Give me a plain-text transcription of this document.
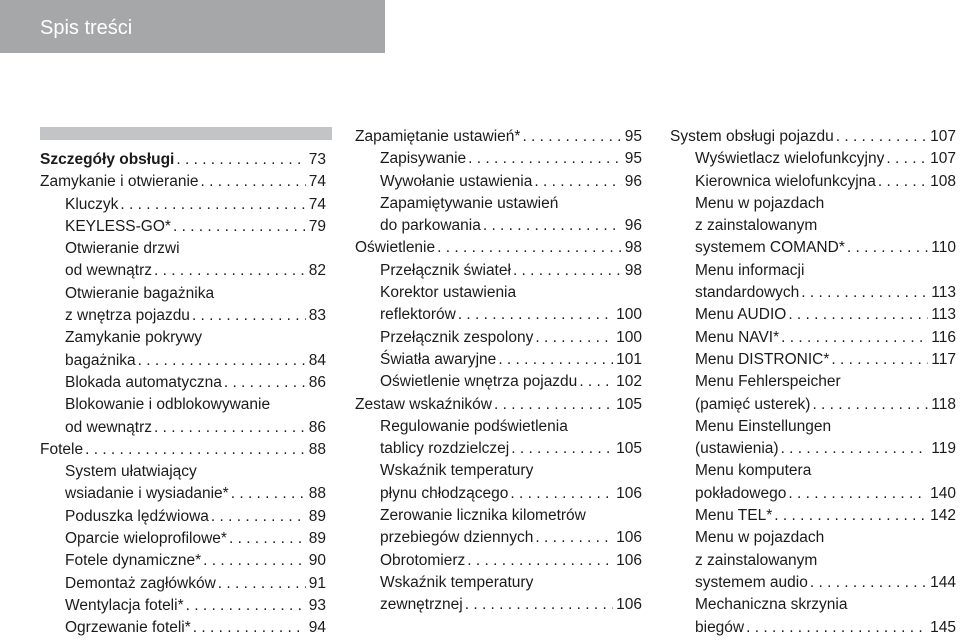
Spis treści
Szczegóły obsługi . . .	73
Zamykanie i otwieranie . . .	74
Kluczyk . . .	74
KEYLESS-GO* . . .	79
Otwieranie drzwi
od wewnątrz . . .	82
Otwieranie bagażnika
z wnętrza pojazdu . . .	83
Zamykanie pokrywy
bagażnika . . .	84
Blokada automatyczna . . .	86
Blokowanie i odblokowywanie
od wewnątrz . . .	86
Fotele . . .	88
System ułatwiający
wsiadanie i wysiadanie* . . .	88
Poduszka lędźwiowa . . .	89
Oparcie wieloprofilowe* . . .	89
Fotele dynamiczne* . . .	90
Demontaż zagłówków . . .	91
Wentylacja foteli* . . .	93
Ogrzewanie foteli* . . .	94
Zapamiętanie ustawień* . . .	95
Zapisywanie . . .	95
Wywołanie ustawienia . . .	96
Zapamiętywanie ustawień
do parkowania . . .	96
Oświetlenie . . .	98
Przełącznik świateł . . .	98
Korektor ustawienia
reflektorów . . .	100
Przełącznik zespolony . . .	100
Światła awaryjne . . .	101
Oświetlenie wnętrza pojazdu . . .	102
Zestaw wskaźników . . .	105
Regulowanie podświetlenia
tablicy rozdzielczej . . .	105
Wskaźnik temperatury
płynu chłodzącego . . .	106
Zerowanie licznika kilometrów
przebiegów dziennych . . .	106
Obrotomierz . . .	106
Wskaźnik temperatury
zewnętrznej . . .	106
System obsługi pojazdu . . .	107
Wyświetlacz wielofunkcyjny . . .	107
Kierownica wielofunkcyjna . . .	108
Menu w pojazdach
z zainstalowanym
systemem COMAND* . . .	110
Menu informacji
standardowych . . .	113
Menu AUDIO . . .	113
Menu NAVI* . . .	116
Menu DISTRONIC* . . .	117
Menu Fehlerspeicher
(pamięć usterek) . . .	118
Menu Einstellungen
(ustawienia) . . .	119
Menu komputera
pokładowego . . .	140
Menu TEL* . . .	142
Menu w pojazdach
z zainstalowanym
systemem audio . . .	144
Mechaniczna skrzynia
biegów . . .	145
